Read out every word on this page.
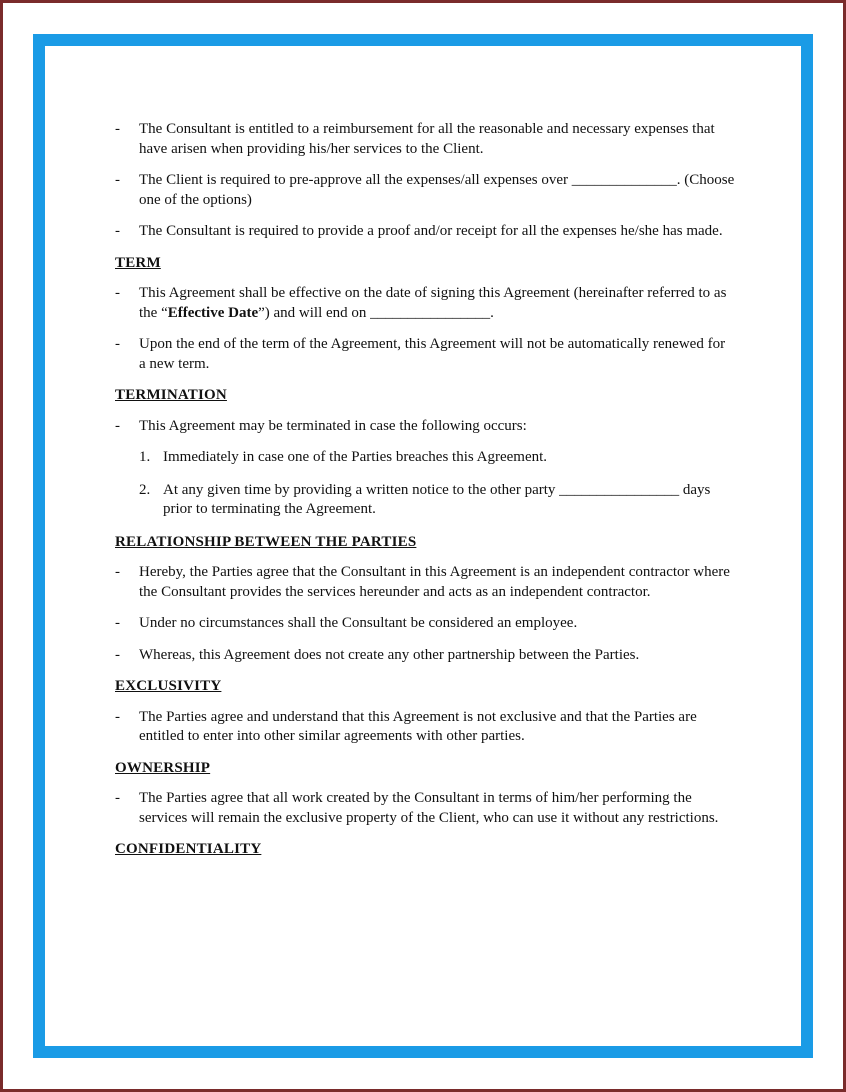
- The Consultant is entitled to a reimbursement for all the reasonable and necessary expenses that have arisen when providing his/her services to the Client.
- The Client is required to pre-approve all the expenses/all expenses over ______________. (Choose one of the options)
- The Consultant is required to provide a proof and/or receipt for all the expenses he/she has made.
TERM
- This Agreement shall be effective on the date of signing this Agreement (hereinafter referred to as the “Effective Date”) and will end on ________________.
- Upon the end of the term of the Agreement, this Agreement will not be automatically renewed for a new term.
TERMINATION
- This Agreement may be terminated in case the following occurs:
1. Immediately in case one of the Parties breaches this Agreement.
2. At any given time by providing a written notice to the other party ________________ days prior to terminating the Agreement.
RELATIONSHIP BETWEEN THE PARTIES
- Hereby, the Parties agree that the Consultant in this Agreement is an independent contractor where the Consultant provides the services hereunder and acts as an independent contractor.
- Under no circumstances shall the Consultant be considered an employee.
- Whereas, this Agreement does not create any other partnership between the Parties.
EXCLUSIVITY
- The Parties agree and understand that this Agreement is not exclusive and that the Parties are entitled to enter into other similar agreements with other parties.
OWNERSHIP
- The Parties agree that all work created by the Consultant in terms of him/her performing the services will remain the exclusive property of the Client, who can use it without any restrictions.
CONFIDENTIALITY
